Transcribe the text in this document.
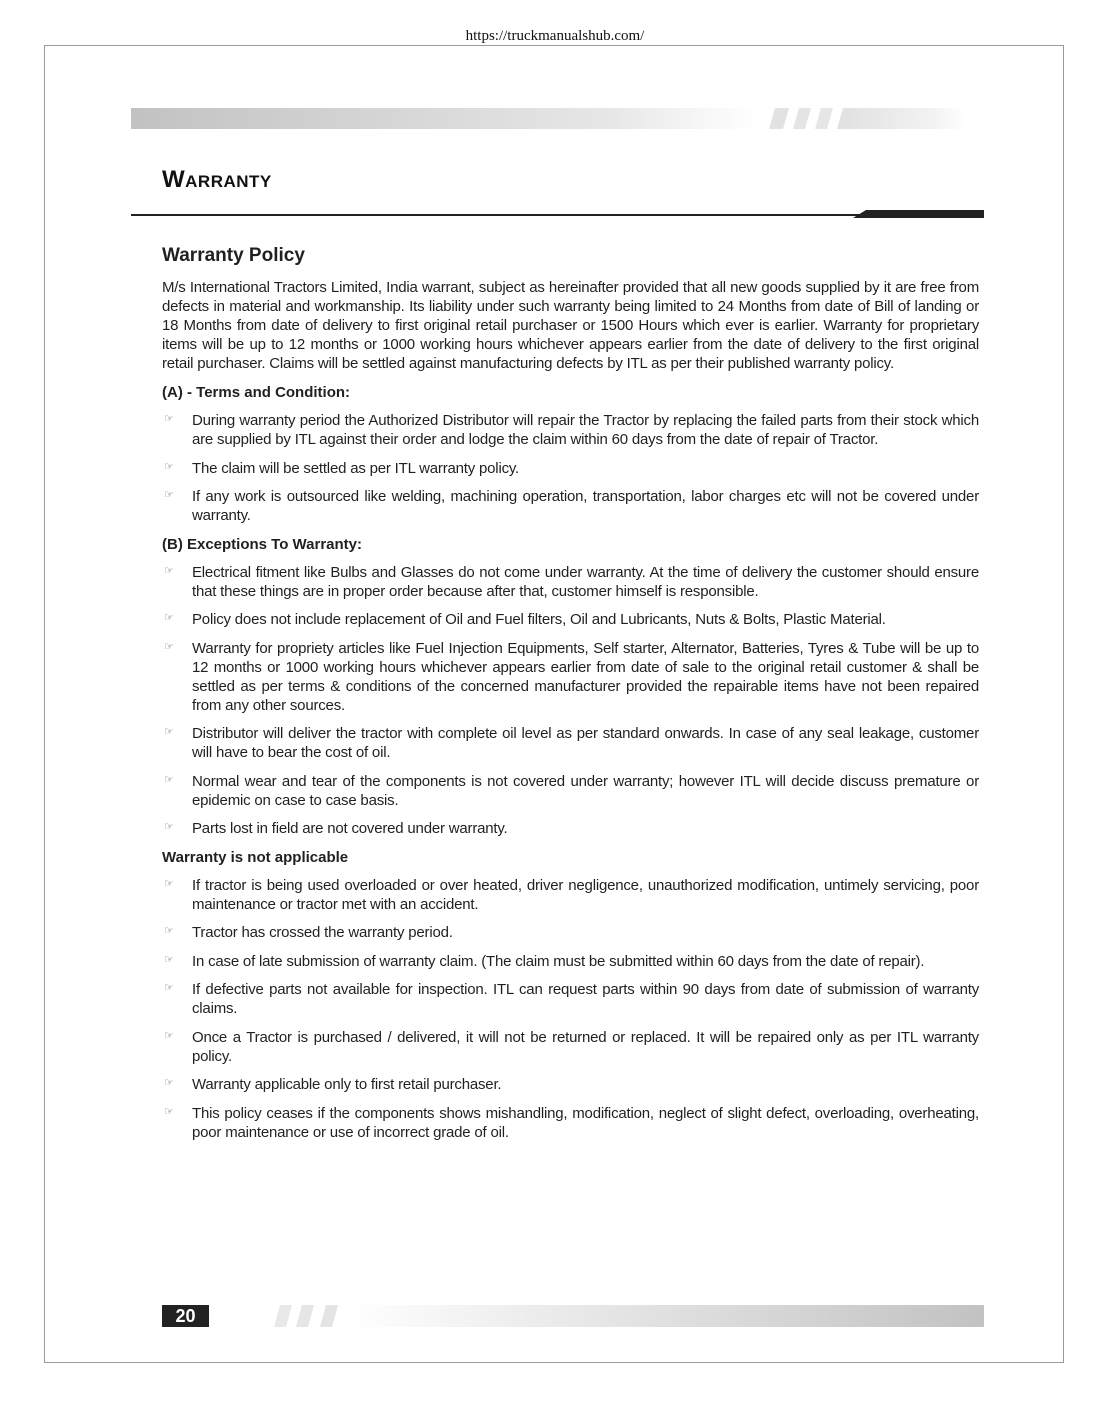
https://truckmanualshub.com/
Warranty
Warranty Policy

M/s International Tractors Limited, India warrant, subject as hereinafter provided that all new goods supplied by it are free from defects in material and workmanship. Its liability under such warranty being limited to 24 Months from date of Bill of landing or 18 Months from date of delivery to first original retail purchaser or 1500 Hours which ever is earlier. Warranty for proprietary items will be up to 12 months or 1000 working hours whichever appears earlier from the date of delivery to the first original retail purchaser. Claims will be settled against manufacturing defects by ITL as per their published warranty policy.

(A) - Terms and Condition:
☞ During warranty period the Authorized Distributor will repair the Tractor by replacing the failed parts from their stock which are supplied by ITL against their order and lodge the claim within 60 days from the date of repair of Tractor.
☞ The claim will be settled as per ITL warranty policy.
☞ If any work is outsourced like welding, machining operation, transportation, labor charges etc will not be covered under warranty.
(B) Exceptions To Warranty:
☞ Electrical fitment like Bulbs and Glasses do not come under warranty. At the time of delivery the customer should ensure that these things are in proper order because after that, customer himself is responsible.
☞ Policy does not include replacement of Oil and Fuel filters, Oil and Lubricants, Nuts & Bolts, Plastic Material.
☞ Warranty for propriety articles like Fuel Injection Equipments, Self starter, Alternator, Batteries, Tyres & Tube will be up to 12 months or 1000 working hours whichever appears earlier from date of sale to the original retail customer & shall be settled as per terms & conditions of the concerned manufacturer provided the repairable items have not been repaired from any other sources.
☞ Distributor will deliver the tractor with complete oil level as per standard onwards. In case of any seal leakage, customer will have to bear the cost of oil.
☞ Normal wear and tear of the components is not covered under warranty; however ITL will decide discuss premature or epidemic on case to case basis.
☞ Parts lost in field are not covered under warranty.
Warranty is not applicable
☞ If tractor is being used overloaded or over heated, driver negligence, unauthorized modification, untimely servicing, poor maintenance or tractor met with an accident.
☞ Tractor has crossed the warranty period.
☞ In case of late submission of warranty claim. (The claim must be submitted within 60 days from the date of repair).
☞ If defective parts not available for inspection. ITL can request parts within 90 days from date of submission of warranty claims.
☞ Once a Tractor is purchased / delivered, it will not be returned or replaced. It will be repaired only as per ITL warranty policy.
☞ Warranty applicable only to first retail purchaser.
☞ This policy ceases if the components shows mishandling, modification, neglect of slight defect, overloading, overheating, poor maintenance or use of incorrect grade of oil.
20
